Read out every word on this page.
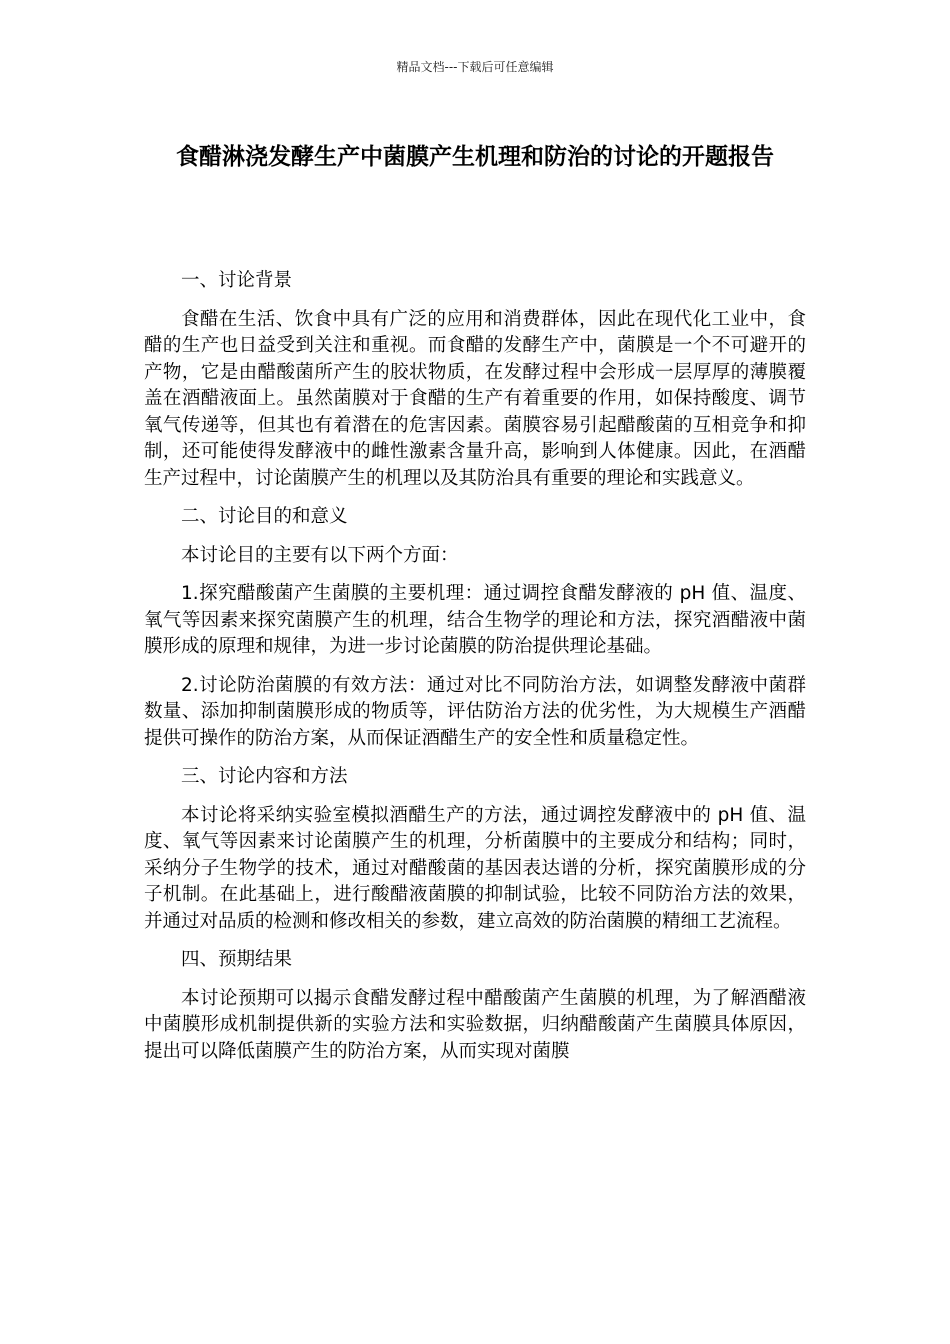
精品文档---下载后可任意编辑
食醋淋浇发酵生产中菌膜产生机理和防治的讨论的开题报告

一、讨论背景

食醋在生活、饮食中具有广泛的应用和消费群体，因此在现代化工业中，食醋的生产也日益受到关注和重视。而食醋的发酵生产中，菌膜是一个不可避开的产物，它是由醋酸菌所产生的胶状物质，在发酵过程中会形成一层厚厚的薄膜覆盖在酒醋液面上。虽然菌膜对于食醋的生产有着重要的作用，如保持酸度、调节氧气传递等，但其也有着潜在的危害因素。菌膜容易引起醋酸菌的互相竞争和抑制，还可能使得发酵液中的雌性激素含量升高，影响到人体健康。因此，在酒醋生产过程中，讨论菌膜产生的机理以及其防治具有重要的理论和实践意义。

二、讨论目的和意义

本讨论目的主要有以下两个方面：

1.探究醋酸菌产生菌膜的主要机理：通过调控食醋发酵液的 pH 值、温度、氧气等因素来探究菌膜产生的机理，结合生物学的理论和方法，探究酒醋液中菌膜形成的原理和规律，为进一步讨论菌膜的防治提供理论基础。

2.讨论防治菌膜的有效方法：通过对比不同防治方法，如调整发酵液中菌群数量、添加抑制菌膜形成的物质等，评估防治方法的优劣性，为大规模生产酒醋提供可操作的防治方案，从而保证酒醋生产的安全性和质量稳定性。

三、讨论内容和方法

本讨论将采纳实验室模拟酒醋生产的方法，通过调控发酵液中的 pH 值、温度、氧气等因素来讨论菌膜产生的机理，分析菌膜中的主要成分和结构；同时，采纳分子生物学的技术，通过对醋酸菌的基因表达谱的分析，探究菌膜形成的分子机制。在此基础上，进行酸醋液菌膜的抑制试验，比较不同防治方法的效果，并通过对品质的检测和修改相关的参数，建立高效的防治菌膜的精细工艺流程。

四、预期结果

本讨论预期可以揭示食醋发酵过程中醋酸菌产生菌膜的机理，为了解酒醋液中菌膜形成机制提供新的实验方法和实验数据，归纳醋酸菌产生菌膜具体原因，提出可以降低菌膜产生的防治方案，从而实现对菌膜
